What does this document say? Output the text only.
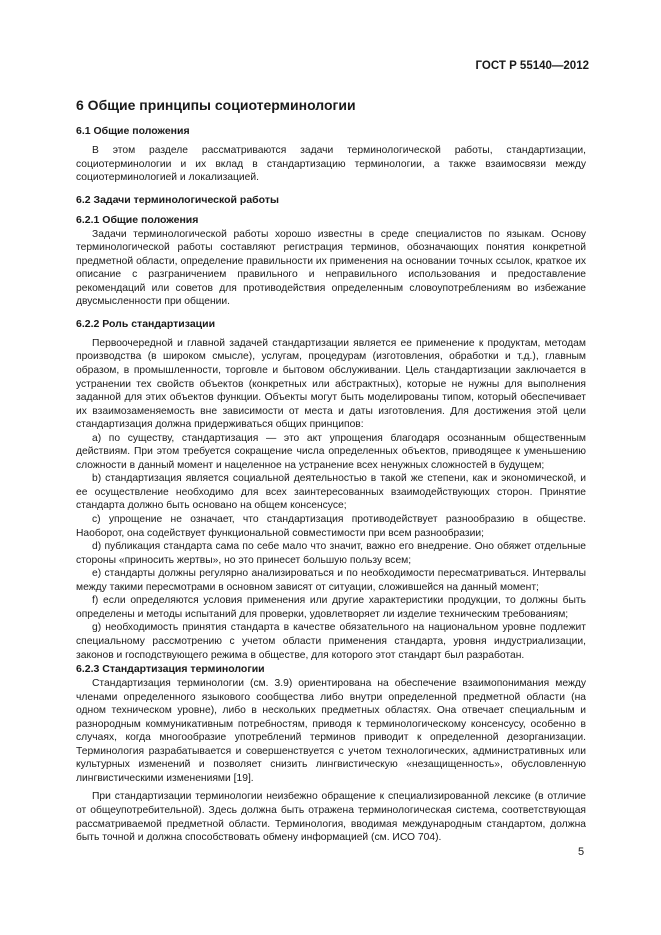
ГОСТ Р 55140—2012
6 Общие принципы социотерминологии
6.1 Общие положения

В этом разделе рассматриваются задачи терминологической работы, стандартизации, социотерминологии и их вклад в стандартизацию терминологии, а также взаимосвязи между социотерминологией и локализацией.

6.2 Задачи терминологической работы
6.2.1 Общие положения

Задачи терминологической работы хорошо известны в среде специалистов по языкам. Основу терминологической работы составляют регистрация терминов, обозначающих понятия конкретной предметной области, определение правильности их применения на основании точных ссылок, краткое их описание с разграничением правильного и неправильного использования и предоставление рекомендаций или советов для противодействия определенным словоупотреблениям во избежание двусмысленности при общении.

6.2.2 Роль стандартизации

Первоочередной и главной задачей стандартизации является ее применение к продуктам, методам производства (в широком смысле), услугам, процедурам (изготовления, обработки и т.д.), главным образом, в промышленности, торговле и бытовом обслуживании. Цель стандартизации заключается в устранении тех свойств объектов (конкретных или абстрактных), которые не нужны для выполнения заданной для этих объектов функции. Объекты могут быть моделированы типом, который обеспечивает их взаимозаменяемость вне зависимости от места и даты изготовления. Для достижения этой цели стандартизация должна придерживаться общих принципов:

а) по существу, стандартизация — это акт упрощения благодаря осознанным общественным действиям. При этом требуется сокращение числа определенных объектов, приводящее к уменьшению сложности в данный момент и нацеленное на устранение всех ненужных сложностей в будущем;

b) стандартизация является социальной деятельностью в такой же степени, как и экономической, и ее осуществление необходимо для всех заинтересованных взаимодействующих сторон. Принятие стандарта должно быть основано на общем консенсусе;

c) упрощение не означает, что стандартизация противодействует разнообразию в обществе. Наоборот, она содействует функциональной совместимости при всем разнообразии;

d) публикация стандарта сама по себе мало что значит, важно его внедрение. Оно обяжет отдельные стороны «приносить жертвы», но это принесет большую пользу всем;

e) стандарты должны регулярно анализироваться и по необходимости пересматриваться. Интервалы между такими пересмотрами в основном зависят от ситуации, сложившейся на данный момент;

f) если определяются условия применения или другие характеристики продукции, то должны быть определены и методы испытаний для проверки, удовлетворяет ли изделие техническим требованиям;

g) необходимость принятия стандарта в качестве обязательного на национальном уровне подлежит специальному рассмотрению с учетом области применения стандарта, уровня индустриализации, законов и господствующего режима в обществе, для которого этот стандарт был разработан.

6.2.3 Стандартизация терминологии

Стандартизация терминологии (см. 3.9) ориентирована на обеспечение взаимопонимания между членами определенного языкового сообщества либо внутри определенной предметной области (на одном техническом уровне), либо в нескольких предметных областях. Она отвечает специальным и разнородным коммуникативным потребностям, приводя к терминологическому консенсусу, особенно в случаях, когда многообразие употреблений терминов приводит к определенной дезорганизации. Терминология разрабатывается и совершенствуется с учетом технологических, административных или культурных изменений и позволяет снизить лингвистическую «незащищенность», обусловленную лингвистическими изменениями [19].

При стандартизации терминологии неизбежно обращение к специализированной лексике (в отличие от общеупотребительной). Здесь должна быть отражена терминологическая система, соответствующая рассматриваемой предметной области. Терминология, вводимая международным стандартом, должна быть точной и должна способствовать обмену информацией (см. ИСО 704).

5
